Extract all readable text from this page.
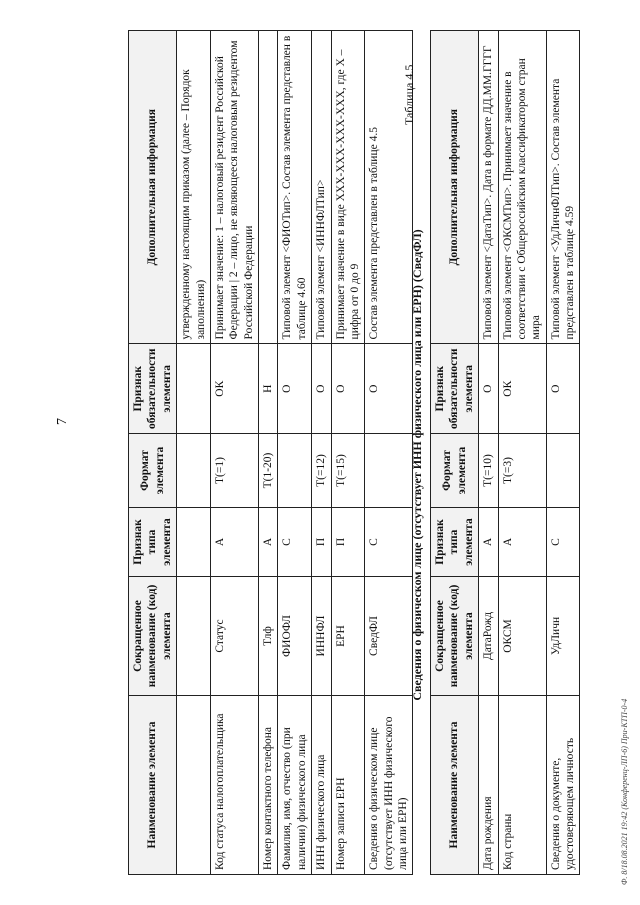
7
Наименование элемента	Сокращенное наименование (код) элемента	Признак типа элемента	Формат элемента	Признак обязательности элемента	Дополнительная информация
					утвержденному настоящим приказом (далее – Порядок заполнения)
Код статуса налогоплательщика	Статус	А	T(=1)	ОК	Принимает значение: 1 – налоговый резидент Российской Федерации | 2 – лицо, не являющееся налоговым резидентом Российской Федерации
Номер контактного телефона	Тлф	А	T(1-20)	Н	
Фамилия, имя, отчество (при наличии) физического лица	ФИОФЛ	С		О	Типовой элемент <ФИОТип>. Состав элемента представлен в таблице 4.60
ИНН физического лица	ИННФЛ	П	T(=12)	О	Типовой элемент <ИННФЛТип>
Номер записи ЕРН	ЕРН	П	T(=15)	О	Принимает значение в виде XXX-XXX-XXX-XXX, где X – цифра от 0 до 9
Сведения о физическом лице (отсутствует ИНН физического лица или ЕРН)	СведФЛ	С		О	Состав элемента представлен в таблице 4.5
Таблица 4.5
Сведения о физическом лице (отсутствует ИНН физического лица или ЕРН) (СведФЛ)
Наименование элемента	Сокращенное наименование (код) элемента	Признак типа элемента	Формат элемента	Признак обязательности элемента	Дополнительная информация
Дата рождения	ДатаРожд	А	T(=10)	О	Типовой элемент <ДатаТип>. Дата в формате ДД.ММ.ГГГГ
Код страны	ОКСМ	А	T(=3)	ОК	Типовой элемент <ОКСМТип>. Принимает значение в соответствии с Общероссийским классификатором стран мира
Сведения о документе, удостоверяющем личность	УдЛичн	С		О	Типовой элемент <УдЛичнФЛТип>. Состав элемента представлен в таблице 4.59
Ф. 8/18.08.2021 19:42 (Конференц-ЛП-6) При-КТП-0-4
